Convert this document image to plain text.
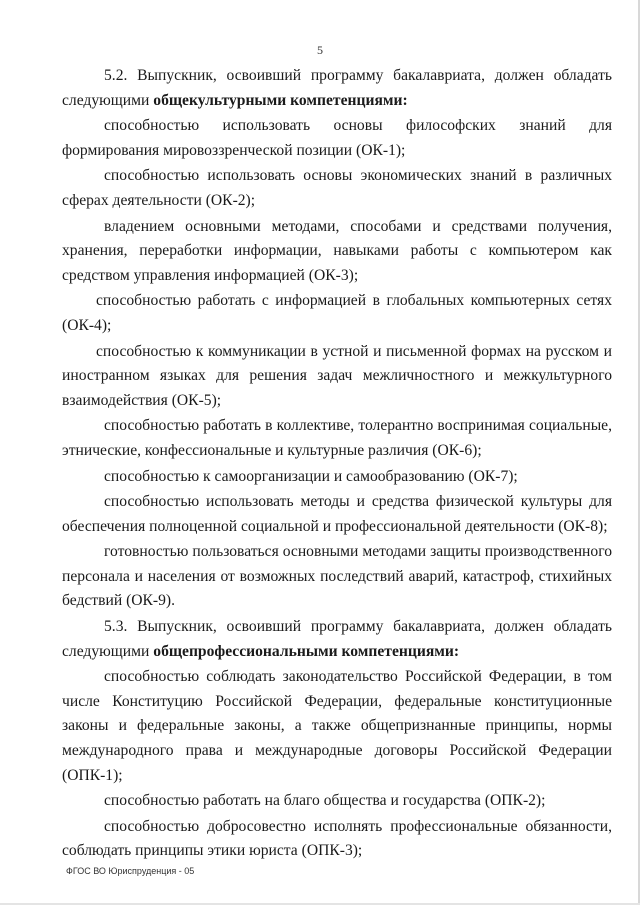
5

5.2. Выпускник, освоивший программу бакалавриата, должен обладать следующими общекультурными компетенциями:

способностью использовать основы философских знаний для формирования мировоззренческой позиции (ОК-1);

способностью использовать основы экономических знаний в различных сферах деятельности (ОК-2);

владением основными методами, способами и средствами получения, хранения, переработки информации, навыками работы с компьютером как средством управления информацией (ОК-3);

способностью работать с информацией в глобальных компьютерных сетях (ОК-4);

способностью к коммуникации в устной и письменной формах на русском и иностранном языках для решения задач межличностного и межкультурного взаимодействия (ОК-5);

способностью работать в коллективе, толерантно воспринимая социальные, этнические, конфессиональные и культурные различия (ОК-6);

способностью к самоорганизации и самообразованию (ОК-7);

способностью использовать методы и средства физической культуры для обеспечения полноценной социальной и профессиональной деятельности (ОК-8);

готовностью пользоваться основными методами защиты производственного персонала и населения от возможных последствий аварий, катастроф, стихийных бедствий (ОК-9).

5.3. Выпускник, освоивший программу бакалавриата, должен обладать следующими общепрофессиональными компетенциями:

способностью соблюдать законодательство Российской Федерации, в том числе Конституцию Российской Федерации, федеральные конституционные законы и федеральные законы, а также общепризнанные принципы, нормы международного права и международные договоры Российской Федерации (ОПК-1);

способностью работать на благо общества и государства (ОПК-2);

способностью добросовестно исполнять профессиональные обязанности, соблюдать принципы этики юриста (ОПК-3);

ФГОС ВО Юриспруденция - 05
